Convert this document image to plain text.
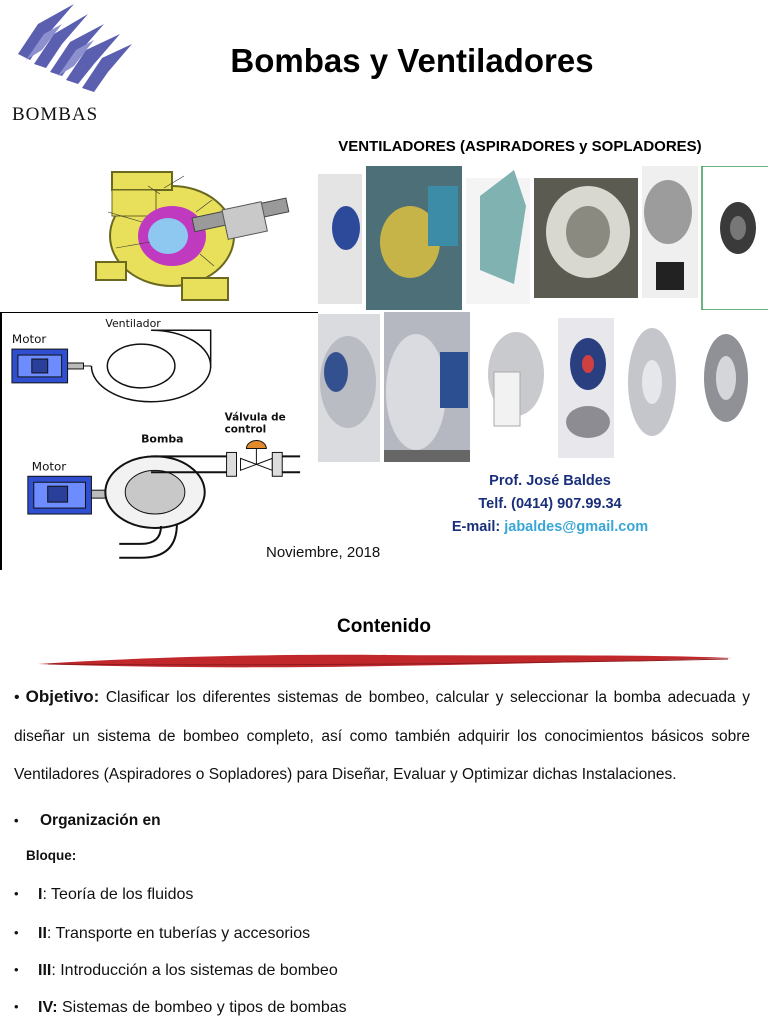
BOMBAS
Bombas y Ventiladores
VENTILADORES (ASPIRADORES y SOPLADORES)
Motor
Ventilador
Válvula de
control
Bomba
Motor
Prof. José Baldes
Telf. (0414) 907.99.34
E-mail: jabaldes@gmail.com
Noviembre, 2018
Contenido
• Objetivo: Clasificar los diferentes sistemas de bombeo, calcular y seleccionar la bomba adecuada y diseñar un sistema de bombeo completo, así como también adquirir los conocimientos básicos sobre Ventiladores (Aspiradores o Sopladores) para Diseñar, Evaluar y Optimizar dichas Instalaciones.
• Organización en
Bloque:
• I: Teoría de los fluidos
• II: Transporte en tuberías y accesorios
• III: Introducción a los sistemas de bombeo
• IV: Sistemas de bombeo y tipos de bombas
